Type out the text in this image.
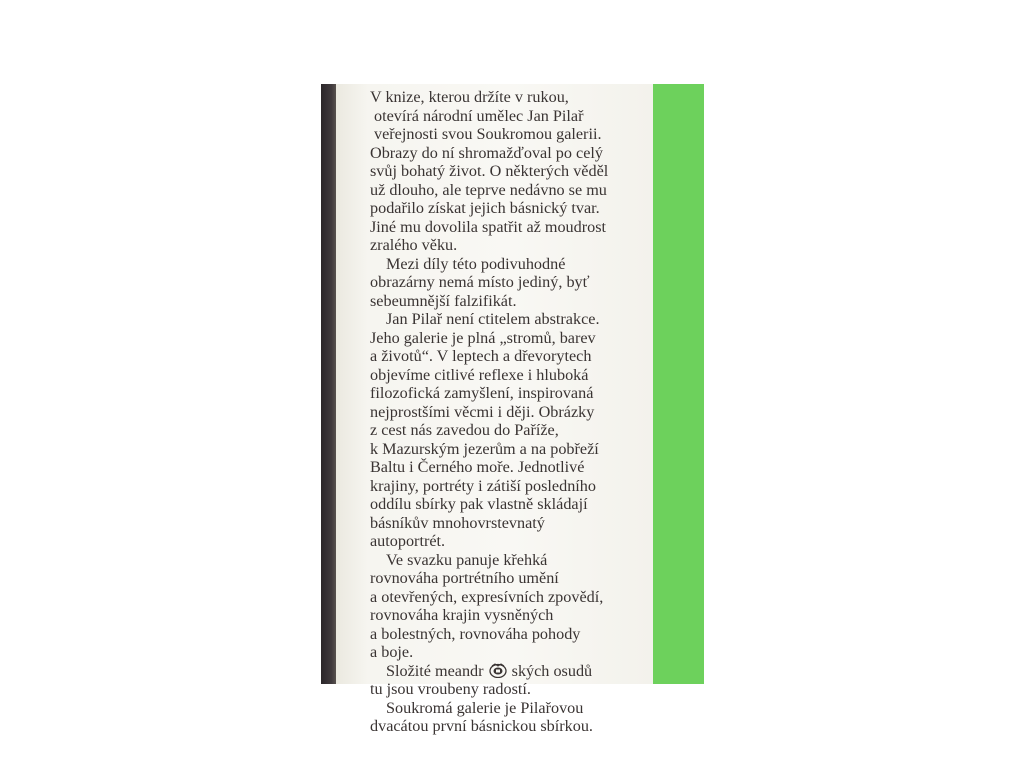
V knize, kterou držíte v rukou,
otevírá národní umělec Jan Pilař
veřejnosti svou Soukromou galerii.
Obrazy do ní shromažďoval po celý
svůj bohatý život. O některých věděl
už dlouho, ale teprve nedávno se mu
podařilo získat jejich básnický tvar.
Jiné mu dovolila spatřit až moudrost
zralého věku.
Mezi díly této podivuhodné
obrazárny nemá místo jediný, byť
sebeumnější falzifikát.
Jan Pilař není ctitelem abstrakce.
Jeho galerie je plná „stromů, barev
a životů“. V leptech a dřevorytech
objevíme citlivé reflexe i hluboká
filozofická zamyšlení, inspirovaná
nejprostšími věcmi i ději. Obrázky
z cest nás zavedou do Paříže,
k Mazurským jezerům a na pobřeží
Baltu i Černého moře. Jednotlivé
krajiny, portréty i zátiší posledního
oddílu sbírky pak vlastně skládají
básníkův mnohovrstevnatý
autoportrét.
Ve svazku panuje křehká
rovnováha portrétního umění
a otevřených, expresívních zpovědí,
rovnováha krajin vysněných
a bolestných, rovnováha pohody
a boje.
Složité meandr ských osudů
tu jsou vroubeny radostí.
Soukromá galerie je Pilařovou
dvacátou první básnickou sbírkou.
